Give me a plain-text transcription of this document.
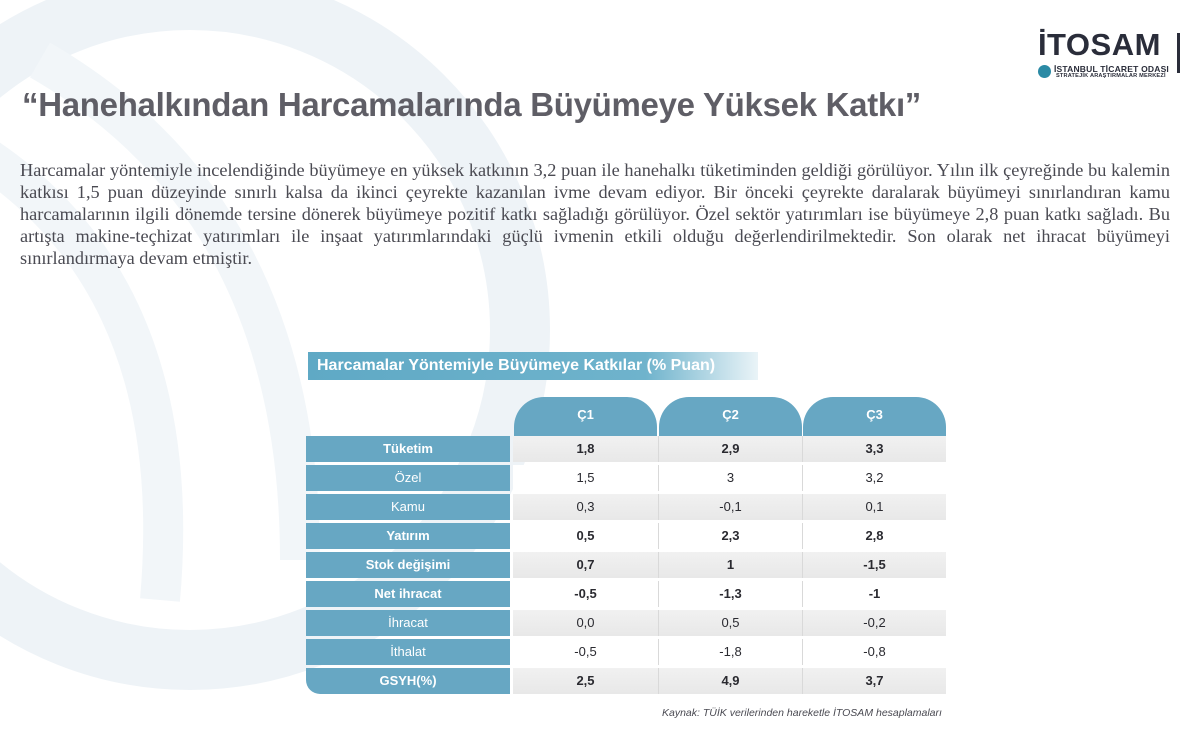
İTOSAM
İSTANBUL TİCARET ODASI
STRATEJİK ARAŞTIRMALAR MERKEZİ
“Hanehalkından Harcamalarında Büyümeye Yüksek Katkı”

Harcamalar yöntemiyle incelendiğinde büyümeye en yüksek katkının 3,2 puan ile hanehalkı tüketiminden geldiği görülüyor. Yılın ilk çeyreğinde bu kalemin katkısı 1,5 puan düzeyinde sınırlı kalsa da ikinci çeyrekte kazanılan ivme devam ediyor. Bir önceki çeyrekte daralarak büyümeyi sınırlandıran kamu harcamalarının ilgili dönemde tersine dönerek büyümeye pozitif katkı sağladığı görülüyor. Özel sektör yatırımları ise büyümeye 2,8 puan katkı sağladı. Bu artışta makine-teçhizat yatırımları ile inşaat yatırımlarındaki güçlü ivmenin etkili olduğu değerlendirilmektedir. Son olarak net ihracat büyümeyi sınırlandırmaya devam etmiştir.

Harcamalar Yöntemiyle Büyümeye Katkılar (% Puan)
Ç1	Ç2	Ç3
Tüketim	1,8	2,9	3,3
Özel	1,5	3	3,2
Kamu	0,3	-0,1	0,1
Yatırım	0,5	2,3	2,8
Stok değişimi	0,7	1	-1,5
Net ihracat	-0,5	-1,3	-1
İhracat	0,0	0,5	-0,2
İthalat	-0,5	-1,8	-0,8
GSYH(%)	2,5	4,9	3,7
Kaynak: TÜİK verilerinden hareketle İTOSAM hesaplamaları
